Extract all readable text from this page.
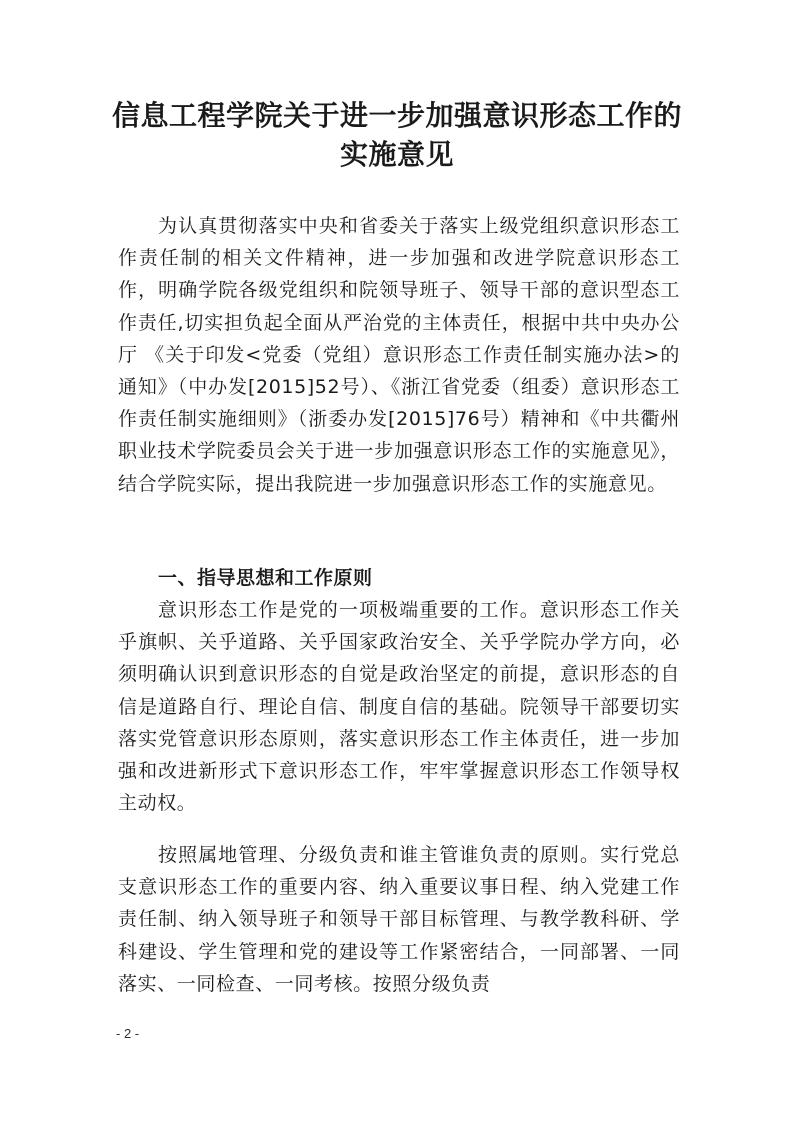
信息工程学院关于进一步加强意识形态工作的
实施意见

为认真贯彻落实中央和省委关于落实上级党组织意识形态工作责任制的相关文件精神，进一步加强和改进学院意识形态工作，明确学院各级党组织和院领导班子、领导干部的意识型态工作责任,切实担负起全面从严治党的主体责任，根据中共中央办公厅 《关于印发<党委（党组）意识形态工作责任制实施办法>的通知》（中办发[2015]52号）、《浙江省党委（组委）意识形态工作责任制实施细则》（浙委办发[2015]76号）精神和《中共衢州职业技术学院委员会关于进一步加强意识形态工作的实施意见》，结合学院实际，提出我院进一步加强意识形态工作的实施意见。

一、指导思想和工作原则

意识形态工作是党的一项极端重要的工作。意识形态工作关乎旗帜、关乎道路、关乎国家政治安全、关乎学院办学方向，必须明确认识到意识形态的自觉是政治坚定的前提，意识形态的自信是道路自行、理论自信、制度自信的基础。院领导干部要切实落实党管意识形态原则，落实意识形态工作主体责任，进一步加强和改进新形式下意识形态工作，牢牢掌握意识形态工作领导权主动权。

按照属地管理、分级负责和谁主管谁负责的原则。实行党总支意识形态工作的重要内容、纳入重要议事日程、纳入党建工作责任制、纳入领导班子和领导干部目标管理、与教学教科研、学科建设、学生管理和党的建设等工作紧密结合，一同部署、一同落实、一同检查、一同考核。按照分级负责

- 2 -
